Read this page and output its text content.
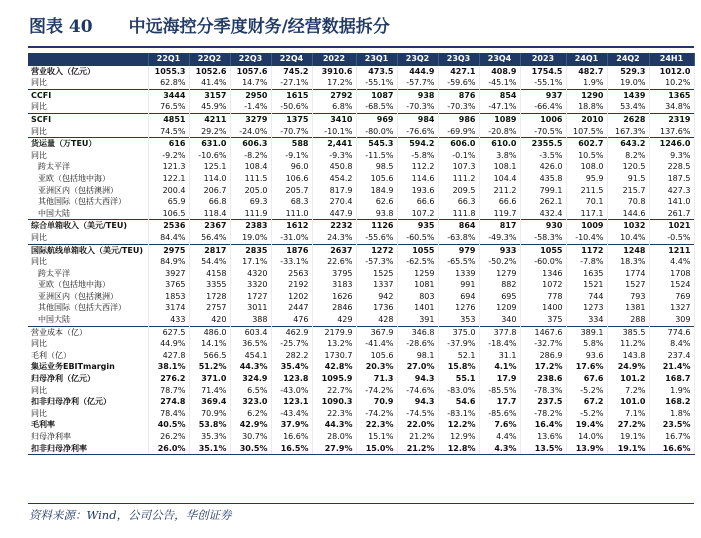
图表 40 中远海控分季度财务/经营数据拆分
	22Q1	22Q2	22Q3	22Q4	2022	23Q1	23Q2	23Q3	23Q4	2023	24Q1	24Q2	24H1
营业收入（亿元）	1055.3	1052.6	1057.6	745.2	3910.6	473.5	444.9	427.1	408.9	1754.5	482.7	529.3	1012.0
同比	62.8%	41.4%	14.7%	-27.1%	17.2%	-55.1%	-57.7%	-59.6%	-45.1%	-55.1%	1.9%	19.0%	10.2%
CCFI	3444	3157	2950	1615	2792	1087	938	876	854	937	1290	1439	1365
同比	76.5%	45.9%	-1.4%	-50.6%	6.8%	-68.5%	-70.3%	-70.3%	-47.1%	-66.4%	18.8%	53.4%	34.8%
SCFI	4851	4211	3279	1375	3410	969	984	986	1089	1006	2010	2628	2319
同比	74.5%	29.2%	-24.0%	-70.7%	-10.1%	-80.0%	-76.6%	-69.9%	-20.8%	-70.5%	107.5%	167.3%	137.6%
货运量（万TEU）	616	631.0	606.3	588	2,441	545.3	594.2	606.0	610.0	2355.5	602.7	643.2	1246.0
同比	-9.2%	-10.6%	-8.2%	-9.1%	-9.3%	-11.5%	-5.8%	-0.1%	3.8%	-3.5%	10.5%	8.2%	9.3%
跨太平洋	121.3	125.1	108.4	96.0	450.8	98.5	112.2	107.3	108.1	426.0	108.0	120.5	228.5
亚欧（包括地中海）	122.1	114.0	111.5	106.6	454.2	105.6	114.6	111.2	104.4	435.8	95.9	91.5	187.5
亚洲区内（包括澳洲）	200.4	206.7	205.0	205.7	817.9	184.9	193.6	209.5	211.2	799.1	211.5	215.7	427.3
其他国际（包括大西洋）	65.9	66.8	69.3	68.3	270.4	62.6	66.6	66.3	66.6	262.1	70.1	70.8	141.0
中国大陆	106.5	118.4	111.9	111.0	447.9	93.8	107.2	111.8	119.7	432.4	117.1	144.6	261.7
综合单箱收入（美元/TEU)	2536	2367	2383	1612	2232	1126	935	864	817	930	1009	1032	1021
同比	84.4%	56.4%	19.0%	-31.0%	24.3%	-55.6%	-60.5%	-63.8%	-49.3%	-58.3%	-10.4%	10.4%	-0.5%
国际航线单箱收入（美元/TEU)	2975	2817	2835	1876	2637	1272	1055	979	933	1055	1172	1248	1211
同比	84.9%	54.4%	17.1%	-33.1%	22.6%	-57.3%	-62.5%	-65.5%	-50.2%	-60.0%	-7.8%	18.3%	4.4%
跨太平洋	3927	4158	4320	2563	3795	1525	1259	1339	1279	1346	1635	1774	1708
亚欧（包括地中海）	3765	3355	3320	2192	3183	1337	1081	991	882	1072	1521	1527	1524
亚洲区内（包括澳洲）	1853	1728	1727	1202	1626	942	803	694	695	778	744	793	769
其他国际（包括大西洋）	3174	2757	3011	2447	2846	1736	1401	1276	1209	1400	1273	1381	1327
中国大陆	433	420	388	476	429	428	391	353	340	375	334	288	309
营业成本（亿）	627.5	486.0	603.4	462.9	2179.9	367.9	346.8	375.0	377.8	1467.6	389.1	385.5	774.6
同比	44.9%	14.1%	36.5%	-25.7%	13.2%	-41.4%	-28.6%	-37.9%	-18.4%	-32.7%	5.8%	11.2%	8.4%
毛利（亿）	427.8	566.5	454.1	282.2	1730.7	105.6	98.1	52.1	31.1	286.9	93.6	143.8	237.4
集运业务EBITmargin	38.1%	51.2%	44.3%	35.4%	42.8%	20.3%	27.0%	15.8%	4.1%	17.2%	17.6%	24.9%	21.4%
归母净利（亿元）	276.2	371.0	324.9	123.8	1095.9	71.3	94.3	55.1	17.9	238.6	67.6	101.2	168.7
同比	78.7%	71.4%	6.5%	-43.0%	22.7%	-74.2%	-74.6%	-83.0%	-85.5%	-78.3%	-5.2%	7.2%	1.9%
扣非归母净利（亿元）	274.8	369.4	323.0	123.1	1090.3	70.9	94.3	54.6	17.7	237.5	67.2	101.0	168.2
同比	78.4%	70.9%	6.2%	-43.4%	22.3%	-74.2%	-74.5%	-83.1%	-85.6%	-78.2%	-5.2%	7.1%	1.8%
毛利率	40.5%	53.8%	42.9%	37.9%	44.3%	22.3%	22.0%	12.2%	7.6%	16.4%	19.4%	27.2%	23.5%
归母净利率	26.2%	35.3%	30.7%	16.6%	28.0%	15.1%	21.2%	12.9%	4.4%	13.6%	14.0%	19.1%	16.7%
扣非归母净利率	26.0%	35.1%	30.5%	16.5%	27.9%	15.0%	21.2%	12.8%	4.3%	13.5%	13.9%	19.1%	16.6%
资料来源：Wind，公司公告，华创证券
